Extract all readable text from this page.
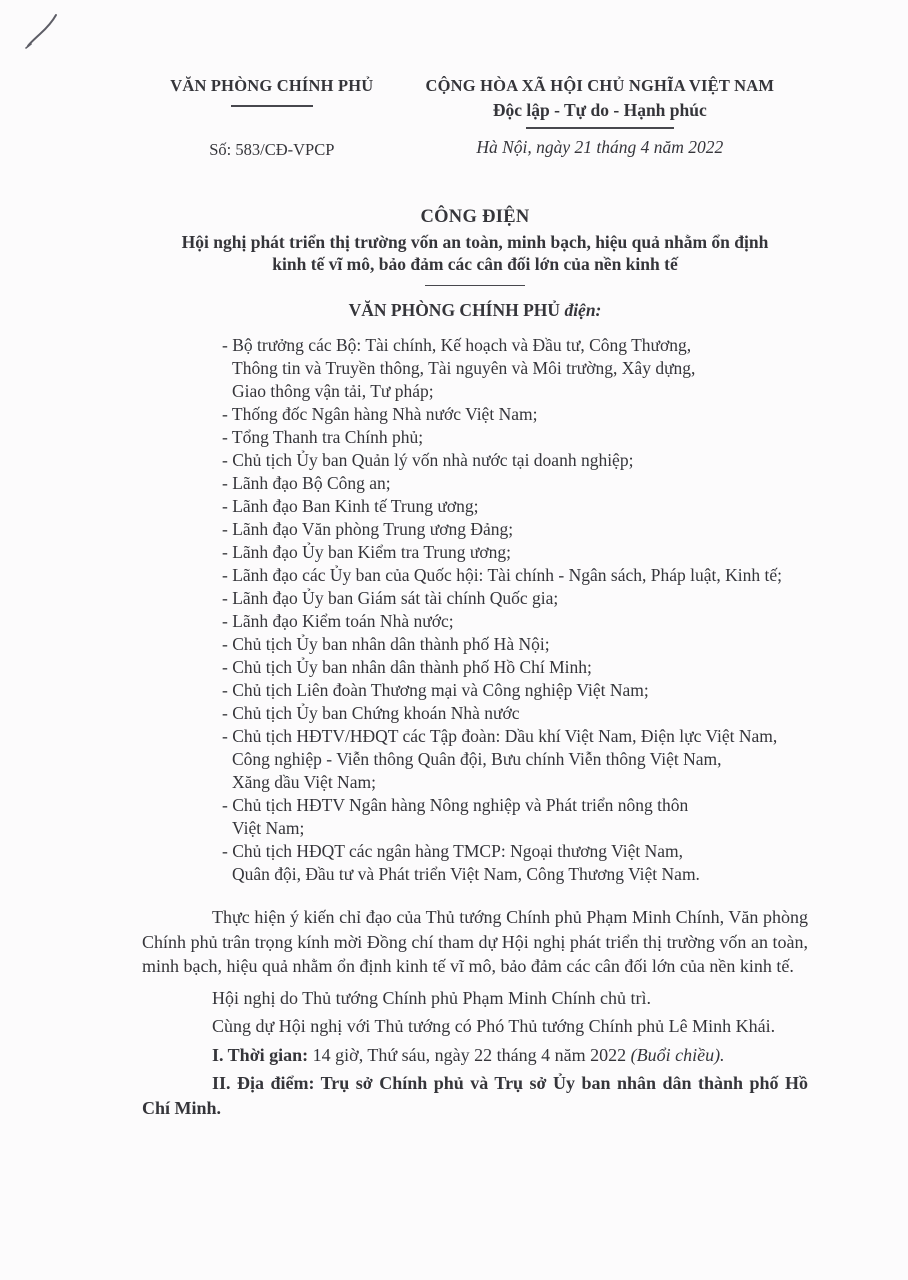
VĂN PHÒNG CHÍNH PHỦ
Số: 583/CĐ-VPCP
CỘNG HÒA XÃ HỘI CHỦ NGHĨA VIỆT NAM
Độc lập - Tự do - Hạnh phúc
Hà Nội, ngày 21 tháng 4 năm 2022
CÔNG ĐIỆN
Hội nghị phát triển thị trường vốn an toàn, minh bạch, hiệu quả nhằm ổn định
kinh tế vĩ mô, bảo đảm các cân đối lớn của nền kinh tế
VĂN PHÒNG CHÍNH PHỦ điện:
- Bộ trưởng các Bộ: Tài chính, Kế hoạch và Đầu tư, Công Thương,
Thông tin và Truyền thông, Tài nguyên và Môi trường, Xây dựng,
Giao thông vận tải, Tư pháp;
- Thống đốc Ngân hàng Nhà nước Việt Nam;
- Tổng Thanh tra Chính phủ;
- Chủ tịch Ủy ban Quản lý vốn nhà nước tại doanh nghiệp;
- Lãnh đạo Bộ Công an;
- Lãnh đạo Ban Kinh tế Trung ương;
- Lãnh đạo Văn phòng Trung ương Đảng;
- Lãnh đạo Ủy ban Kiểm tra Trung ương;
- Lãnh đạo các Ủy ban của Quốc hội: Tài chính - Ngân sách, Pháp luật, Kinh tế;
- Lãnh đạo Ủy ban Giám sát tài chính Quốc gia;
- Lãnh đạo Kiểm toán Nhà nước;
- Chủ tịch Ủy ban nhân dân thành phố Hà Nội;
- Chủ tịch Ủy ban nhân dân thành phố Hồ Chí Minh;
- Chủ tịch Liên đoàn Thương mại và Công nghiệp Việt Nam;
- Chủ tịch Ủy ban Chứng khoán Nhà nước
- Chủ tịch HĐTV/HĐQT các Tập đoàn: Dầu khí Việt Nam, Điện lực Việt Nam,
Công nghiệp - Viễn thông Quân đội, Bưu chính Viễn thông Việt Nam,
Xăng dầu Việt Nam;
- Chủ tịch HĐTV Ngân hàng Nông nghiệp và Phát triển nông thôn
Việt Nam;
- Chủ tịch HĐQT các ngân hàng TMCP: Ngoại thương Việt Nam,
Quân đội, Đầu tư và Phát triển Việt Nam, Công Thương Việt Nam.

Thực hiện ý kiến chỉ đạo của Thủ tướng Chính phủ Phạm Minh Chính, Văn phòng Chính phủ trân trọng kính mời Đồng chí tham dự Hội nghị phát triển thị trường vốn an toàn, minh bạch, hiệu quả nhằm ổn định kinh tế vĩ mô, bảo đảm các cân đối lớn của nền kinh tế.

Hội nghị do Thủ tướng Chính phủ Phạm Minh Chính chủ trì.

Cùng dự Hội nghị với Thủ tướng có Phó Thủ tướng Chính phủ Lê Minh Khái.

I. Thời gian: 14 giờ, Thứ sáu, ngày 22 tháng 4 năm 2022 (Buổi chiều).

II. Địa điểm: Trụ sở Chính phủ và Trụ sở Ủy ban nhân dân thành phố Hồ Chí Minh.
